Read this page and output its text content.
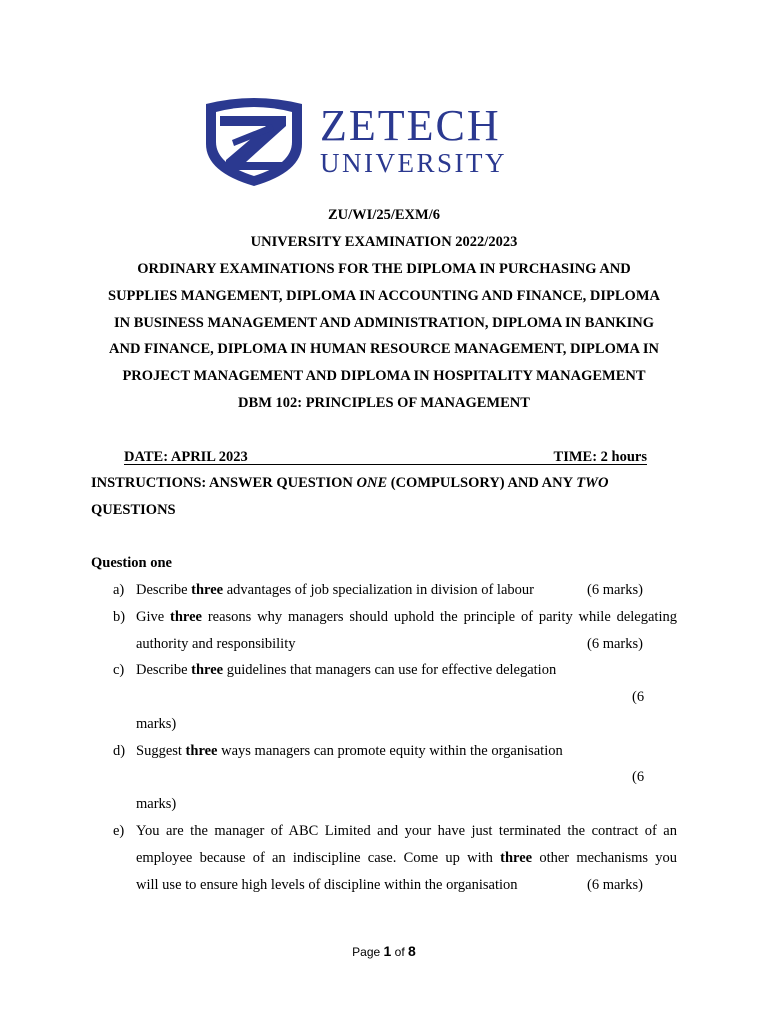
ZETECH
UNIVERSITY
ZU/WI/25/EXM/6
UNIVERSITY EXAMINATION 2022/2023
ORDINARY EXAMINATIONS FOR THE DIPLOMA IN PURCHASING AND
SUPPLIES MANGEMENT, DIPLOMA IN ACCOUNTING AND FINANCE, DIPLOMA
IN BUSINESS MANAGEMENT AND ADMINISTRATION, DIPLOMA IN BANKING
AND FINANCE, DIPLOMA IN HUMAN RESOURCE MANAGEMENT, DIPLOMA IN
PROJECT MANAGEMENT AND DIPLOMA IN HOSPITALITY MANAGEMENT
DBM 102: PRINCIPLES OF MANAGEMENT
DATE: APRIL 2023	TIME: 2 hours
INSTRUCTIONS: ANSWER QUESTION ONE (COMPULSORY) AND ANY TWO
QUESTIONS
Question one
a) Describe three advantages of job specialization in division of labour	(6 marks)
b) Give three reasons why managers should uphold the principle of parity while delegating
authority and responsibility	(6 marks)
c) Describe three guidelines that managers can use for effective delegation
(6
marks)
d) Suggest three ways managers can promote equity within the organisation
(6
marks)
e) You are the manager of ABC Limited and your have just terminated the contract of an
employee because of an indiscipline case. Come up with three other mechanisms you
will use to ensure high levels of discipline within the organisation	(6 marks)
Page 1 of 8
